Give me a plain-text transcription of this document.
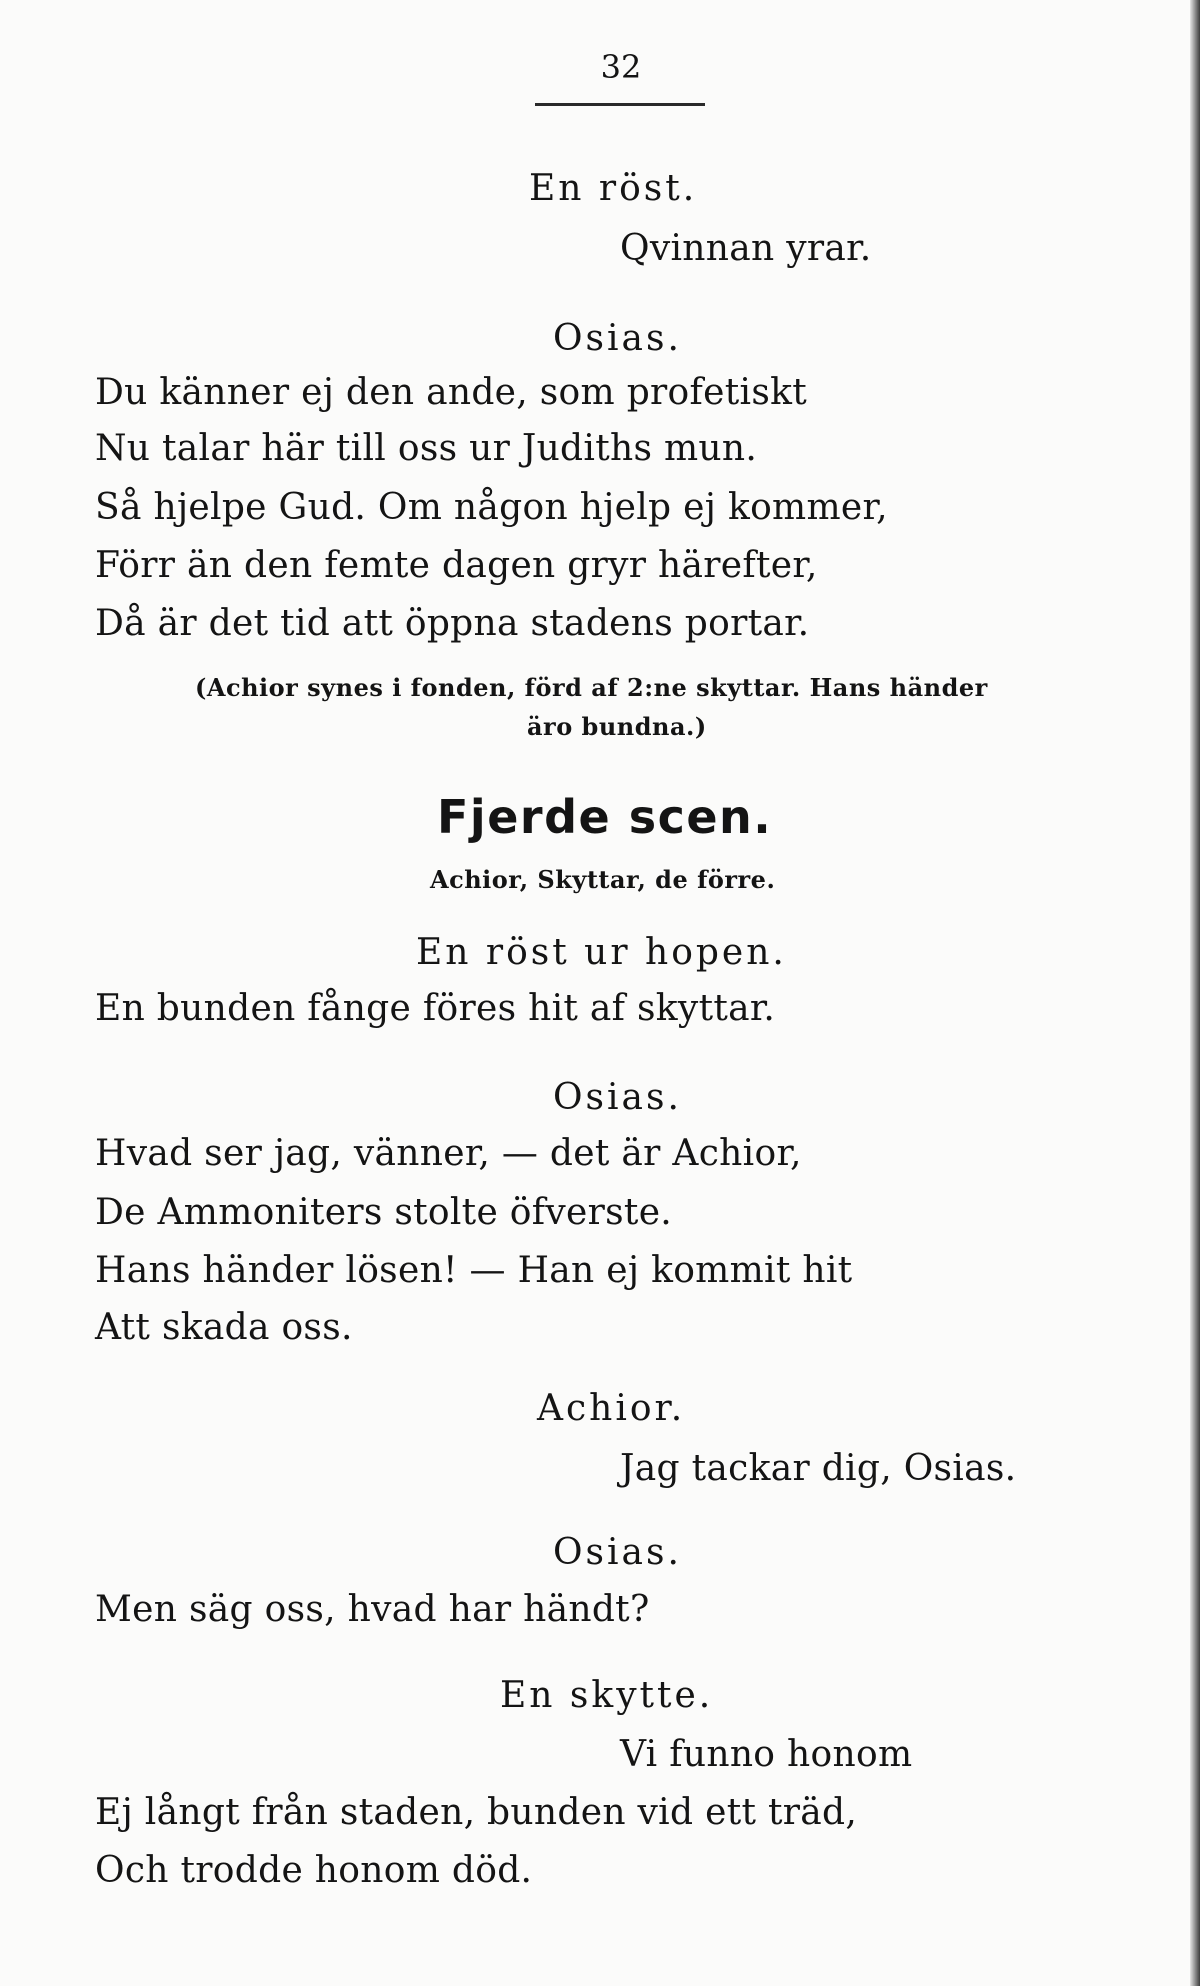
32
En röst.
Qvinnan yrar.
Osias.
Du känner ej den ande, som profetiskt
Nu talar här till oss ur Judiths mun.
Så hjelpe Gud. Om någon hjelp ej kommer,
Förr än den femte dagen gryr härefter,
Då är det tid att öppna stadens portar.
(Achior synes i fonden, förd af 2:ne skyttar. Hans händer
äro bundna.)
Fjerde scen.
Achior, Skyttar, de förre.
En röst ur hopen.
En bunden fånge föres hit af skyttar.
Osias.
Hvad ser jag, vänner, — det är Achior,
De Ammoniters stolte öfverste.
Hans händer lösen! — Han ej kommit hit
Att skada oss.
Achior.
Jag tackar dig, Osias.
Osias.
Men säg oss, hvad har händt?
En skytte.
Vi funno honom
Ej långt från staden, bunden vid ett träd,
Och trodde honom död.
